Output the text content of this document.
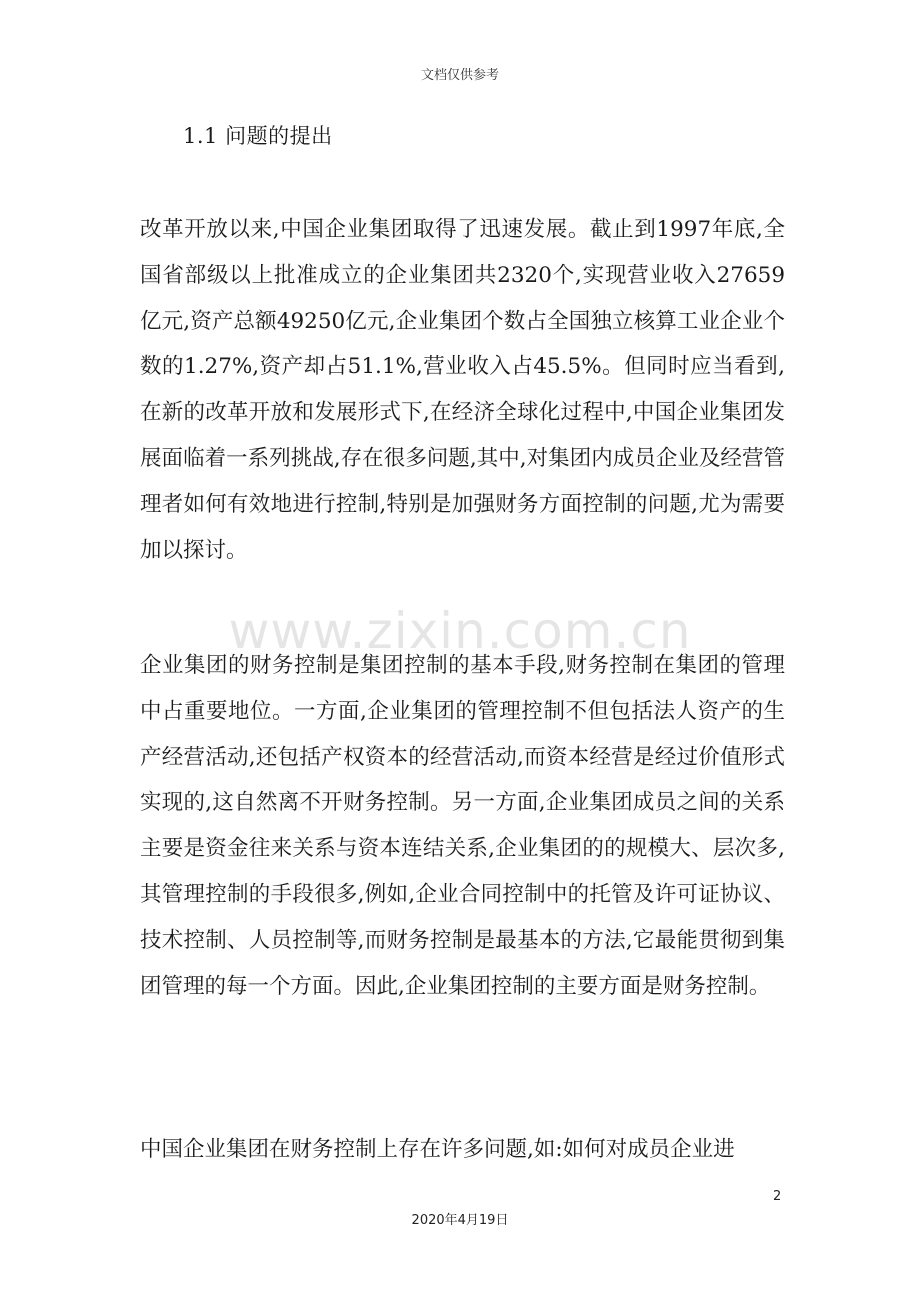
文档仅供参考
1.1 问题的提出

改革开放以来,中国企业集团取得了迅速发展。截止到1997年底,全国省部级以上批准成立的企业集团共2320个,实现营业收入27659亿元,资产总额49250亿元,企业集团个数占全国独立核算工业企业个数的1.27%,资产却占51.1%,营业收入占45.5%。但同时应当看到,在新的改革开放和发展形式下,在经济全球化过程中,中国企业集团发展面临着一系列挑战,存在很多问题,其中,对集团内成员企业及经营管理者如何有效地进行控制,特别是加强财务方面控制的问题,尤为需要加以探讨。

www.zixin.com.cn

企业集团的财务控制是集团控制的基本手段,财务控制在集团的管理中占重要地位。一方面,企业集团的管理控制不但包括法人资产的生产经营活动,还包括产权资本的经营活动,而资本经营是经过价值形式实现的,这自然离不开财务控制。另一方面,企业集团成员之间的关系主要是资金往来关系与资本连结关系,企业集团的的规模大、层次多,其管理控制的手段很多,例如,企业合同控制中的托管及许可证协议、技术控制、人员控制等,而财务控制是最基本的方法,它最能贯彻到集团管理的每一个方面。因此,企业集团控制的主要方面是财务控制。

中国企业集团在财务控制上存在许多问题,如:如何对成员企业进

2
2020年4月19日
